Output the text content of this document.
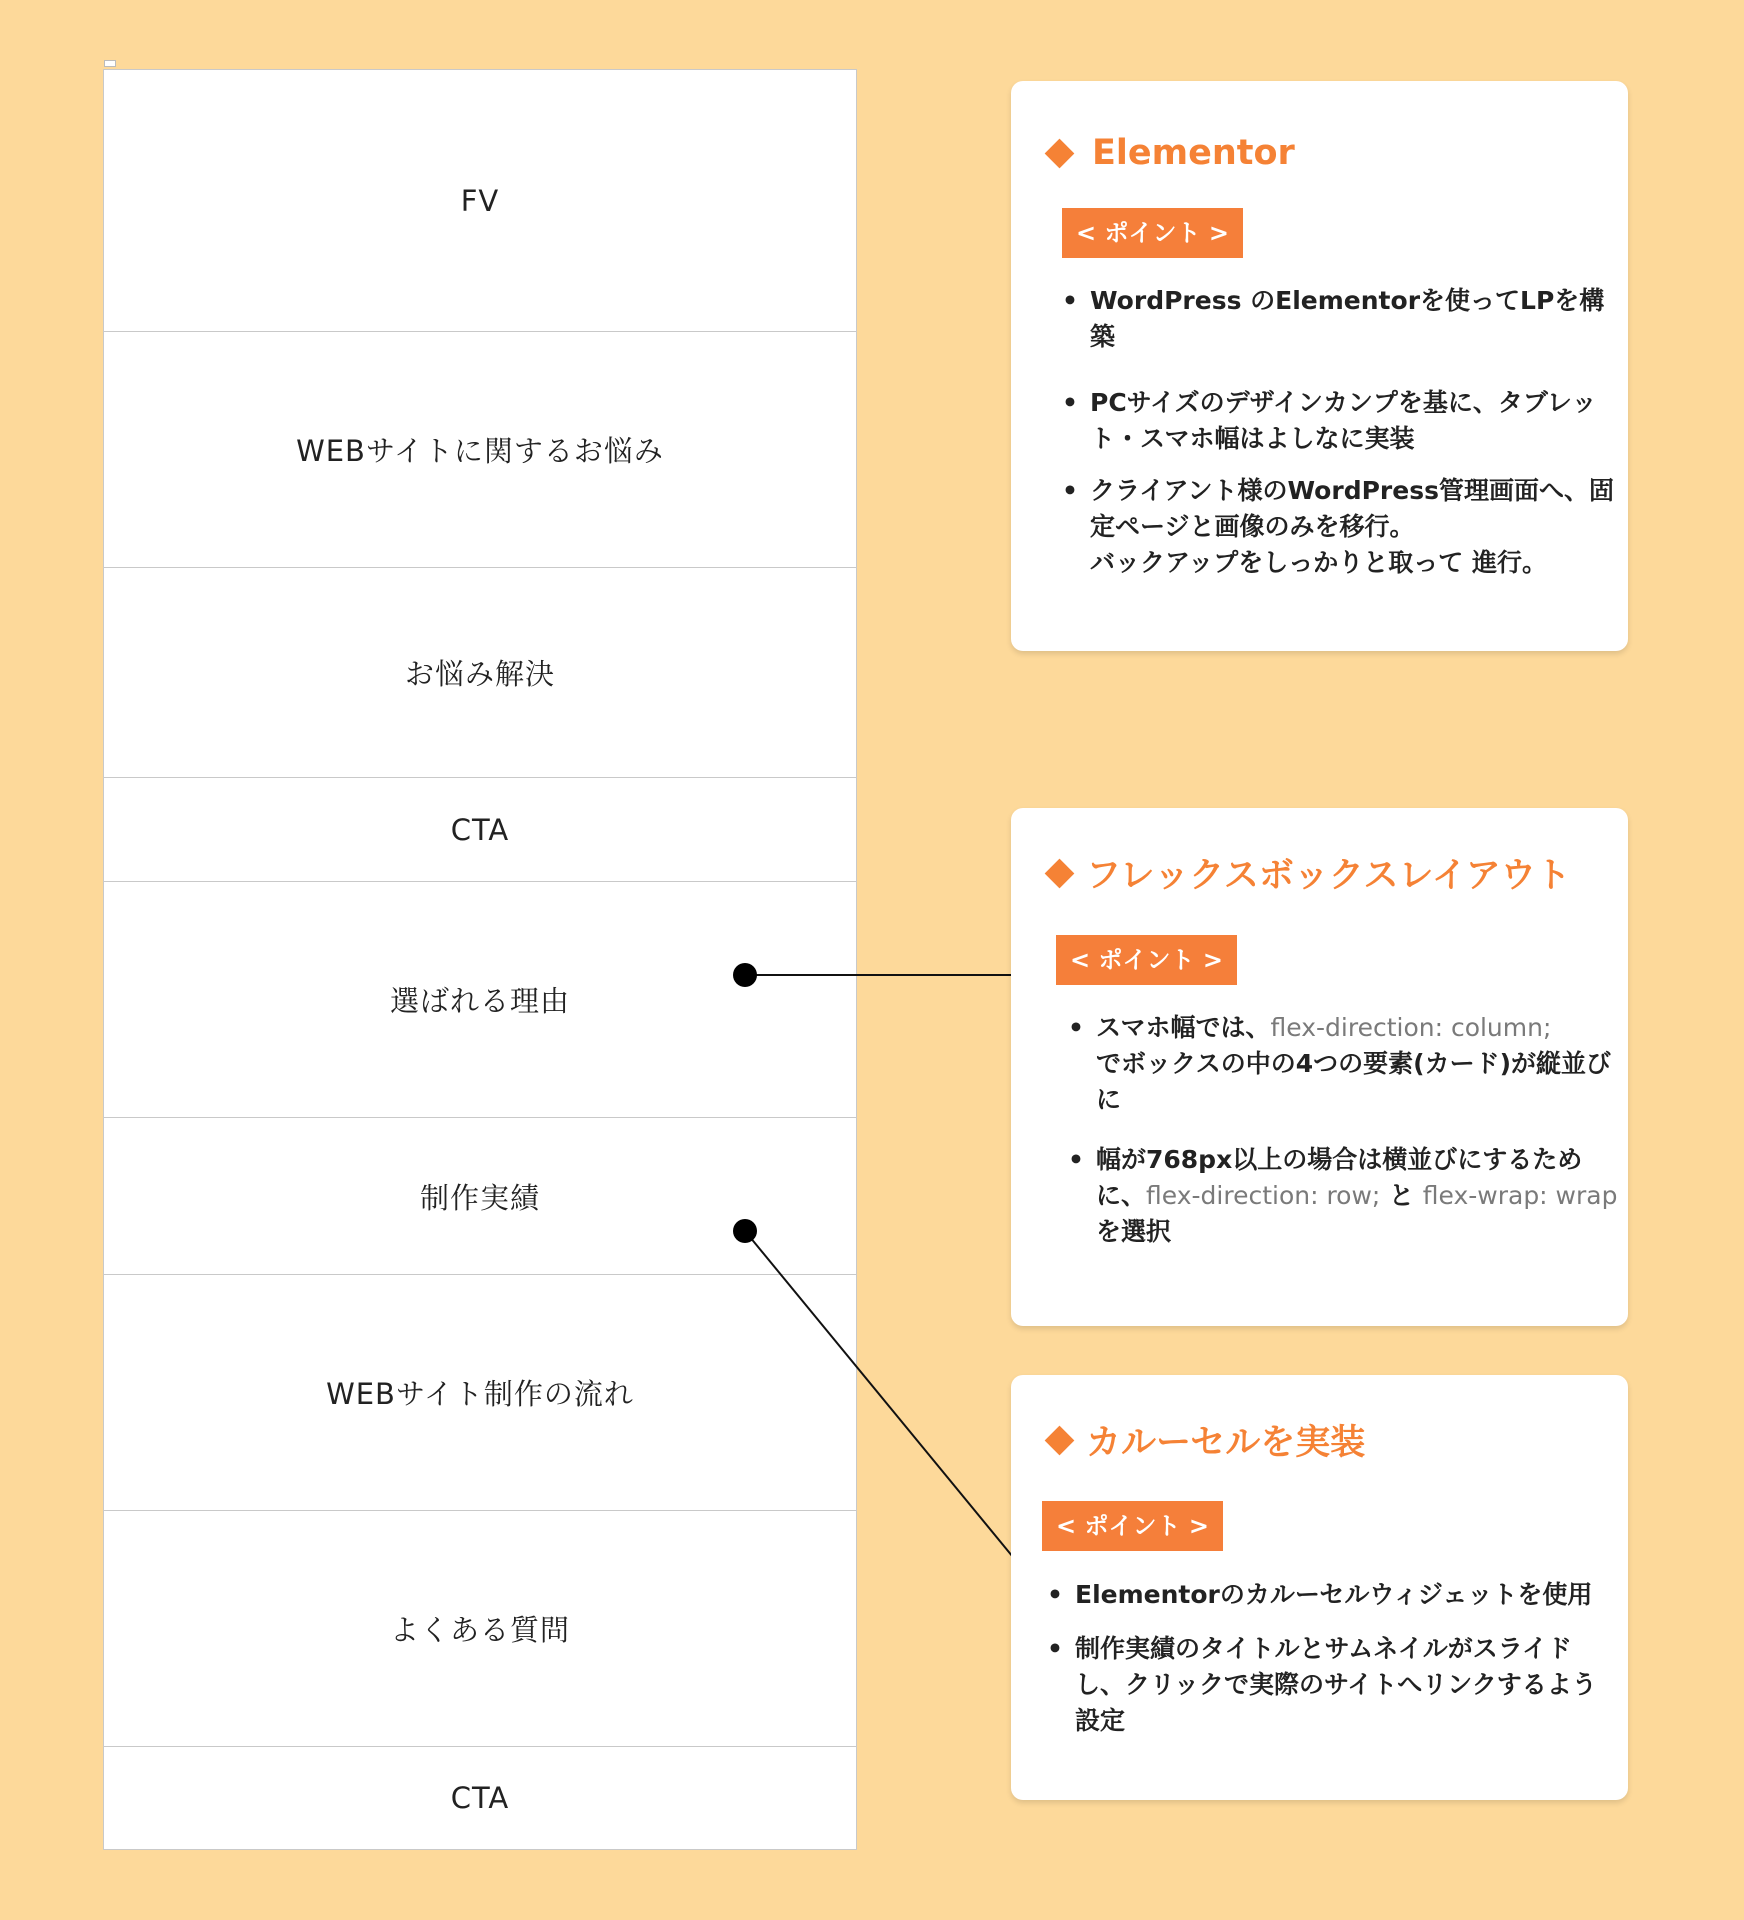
FV
WEBサイトに関するお悩み
お悩み解決
CTA
選ばれる理由
制作実績
WEBサイト制作の流れ
よくある質問
CTA
Elementor
< ポイント >
• WordPress のElementorを使ってLPを構築
• PCサイズのデザインカンプを基に、タブレット・スマホ幅はよしなに実装
• クライアント様のWordPress管理画面へ、固定ページと画像のみを移行。
バックアップをしっかりと取って 進行。
フレックスボックスレイアウト
< ポイント >
• スマホ幅では、flex-direction: column;
でボックスの中の4つの要素(カード)が縦並びに
• 幅が768px以上の場合は横並びにするために、flex-direction: row; と flex-wrap: wrap
を選択
カルーセルを実装
< ポイント >
• Elementorのカルーセルウィジェットを使用
• 制作実績のタイトルとサムネイルがスライドし、クリックで実際のサイトへリンクするよう設定
